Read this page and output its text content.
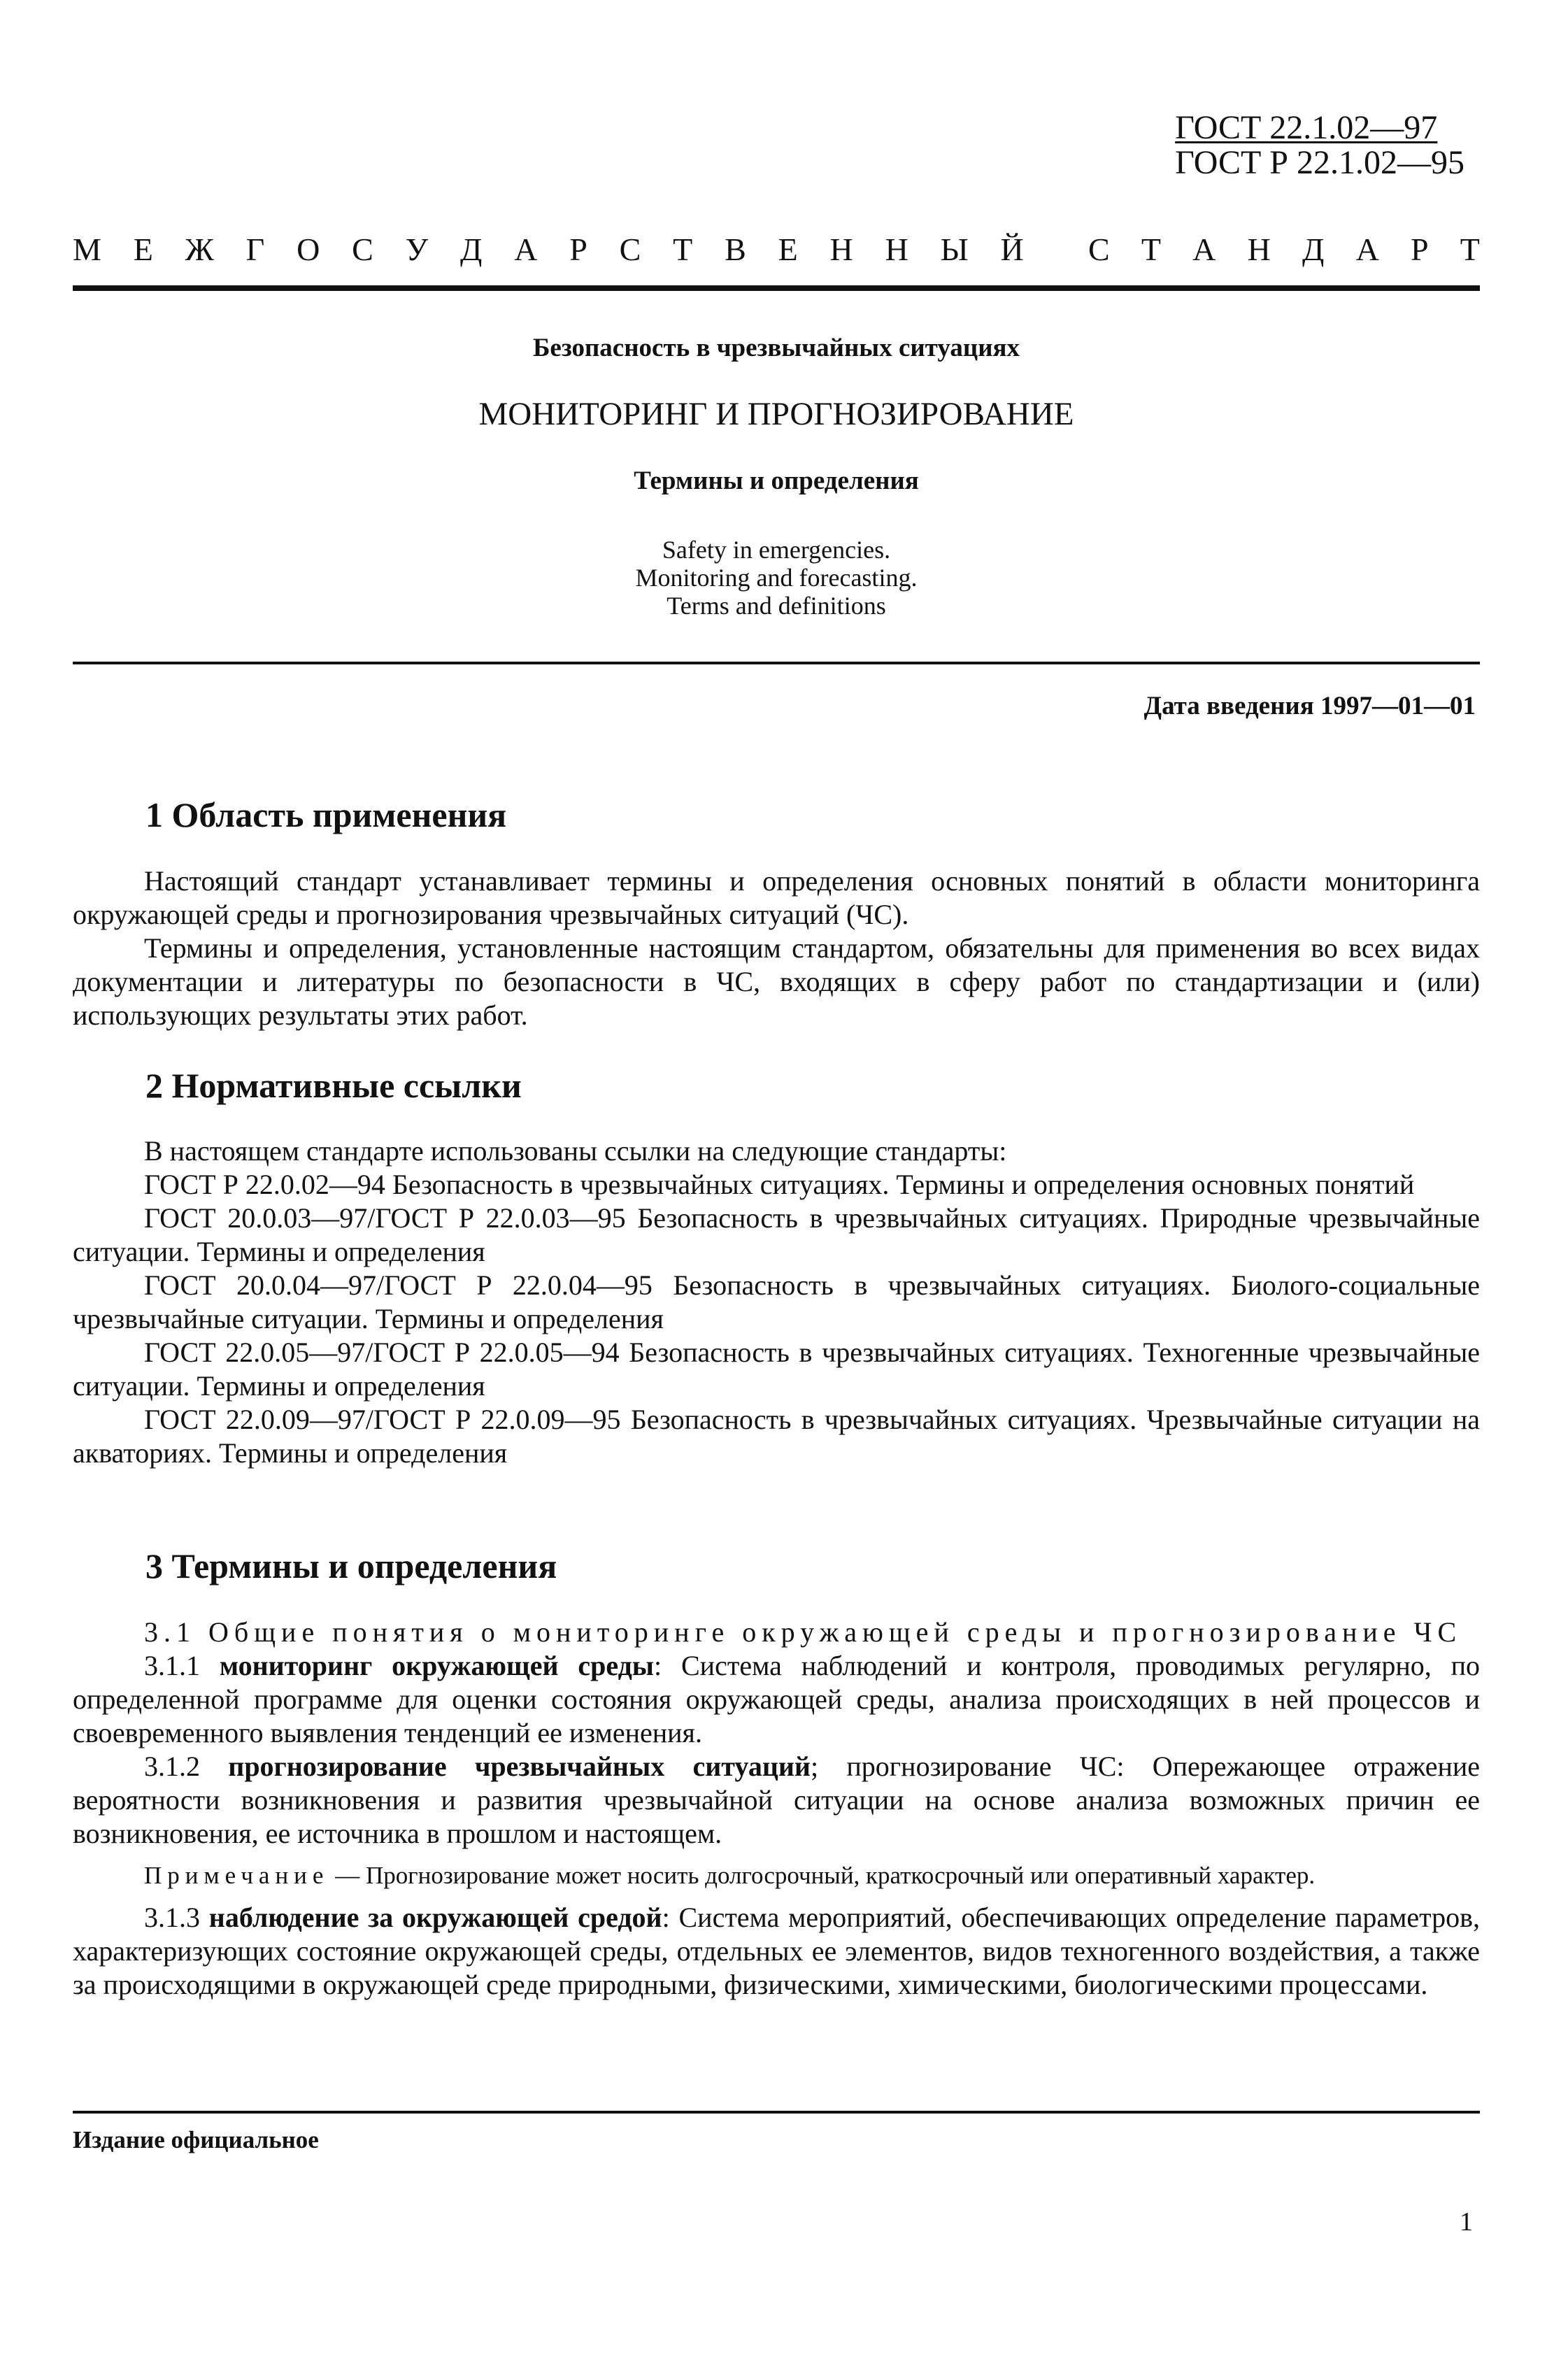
ГОСТ 22.1.02—97
ГОСТ Р 22.1.02—95
М Е Ж Г О С У Д А Р С Т В Е Н Н Ы Й С Т А Н Д А Р Т
Безопасность в чрезвычайных ситуациях
МОНИТОРИНГ И ПРОГНОЗИРОВАНИЕ
Термины и определения
Safety in emergencies.
Monitoring and forecasting.
Terms and definitions
Дата введения 1997—01—01
1 Область применения

Настоящий стандарт устанавливает термины и определения основных понятий в области мониторинга окружающей среды и прогнозирования чрезвычайных ситуаций (ЧС).

Термины и определения, установленные настоящим стандартом, обязательны для применения во всех видах документации и литературы по безопасности в ЧС, входящих в сферу работ по стандартизации и (или) использующих результаты этих работ.

2 Нормативные ссылки

В настоящем стандарте использованы ссылки на следующие стандарты:

ГОСТ Р 22.0.02—94 Безопасность в чрезвычайных ситуациях. Термины и определения основных понятий

ГОСТ 20.0.03—97/ГОСТ Р 22.0.03—95 Безопасность в чрезвычайных ситуациях. Природные чрезвычайные ситуации. Термины и определения

ГОСТ 20.0.04—97/ГОСТ Р 22.0.04—95 Безопасность в чрезвычайных ситуациях. Биолого-социальные чрезвычайные ситуации. Термины и определения

ГОСТ 22.0.05—97/ГОСТ Р 22.0.05—94 Безопасность в чрезвычайных ситуациях. Техногенные чрезвычайные ситуации. Термины и определения

ГОСТ 22.0.09—97/ГОСТ Р 22.0.09—95 Безопасность в чрезвычайных ситуациях. Чрезвычайные ситуации на акваториях. Термины и определения

3 Термины и определения

3.1 Общие понятия о мониторинге окружающей среды и прогнозирование ЧС

3.1.1 мониторинг окружающей среды: Система наблюдений и контроля, проводимых регулярно, по определенной программе для оценки состояния окружающей среды, анализа происходящих в ней процессов и своевременного выявления тенденций ее изменения.

3.1.2 прогнозирование чрезвычайных ситуаций; прогнозирование ЧС: Опережающее отражение вероятности возникновения и развития чрезвычайной ситуации на основе анализа возможных причин ее возникновения, ее источника в прошлом и настоящем.

Примечание — Прогнозирование может носить долгосрочный, краткосрочный или оперативный характер.

3.1.3 наблюдение за окружающей средой: Система мероприятий, обеспечивающих определение параметров, характеризующих состояние окружающей среды, отдельных ее элементов, видов техногенного воздействия, а также за происходящими в окружающей среде природными, физическими, химическими, биологическими процессами.

Издание официальное
1
